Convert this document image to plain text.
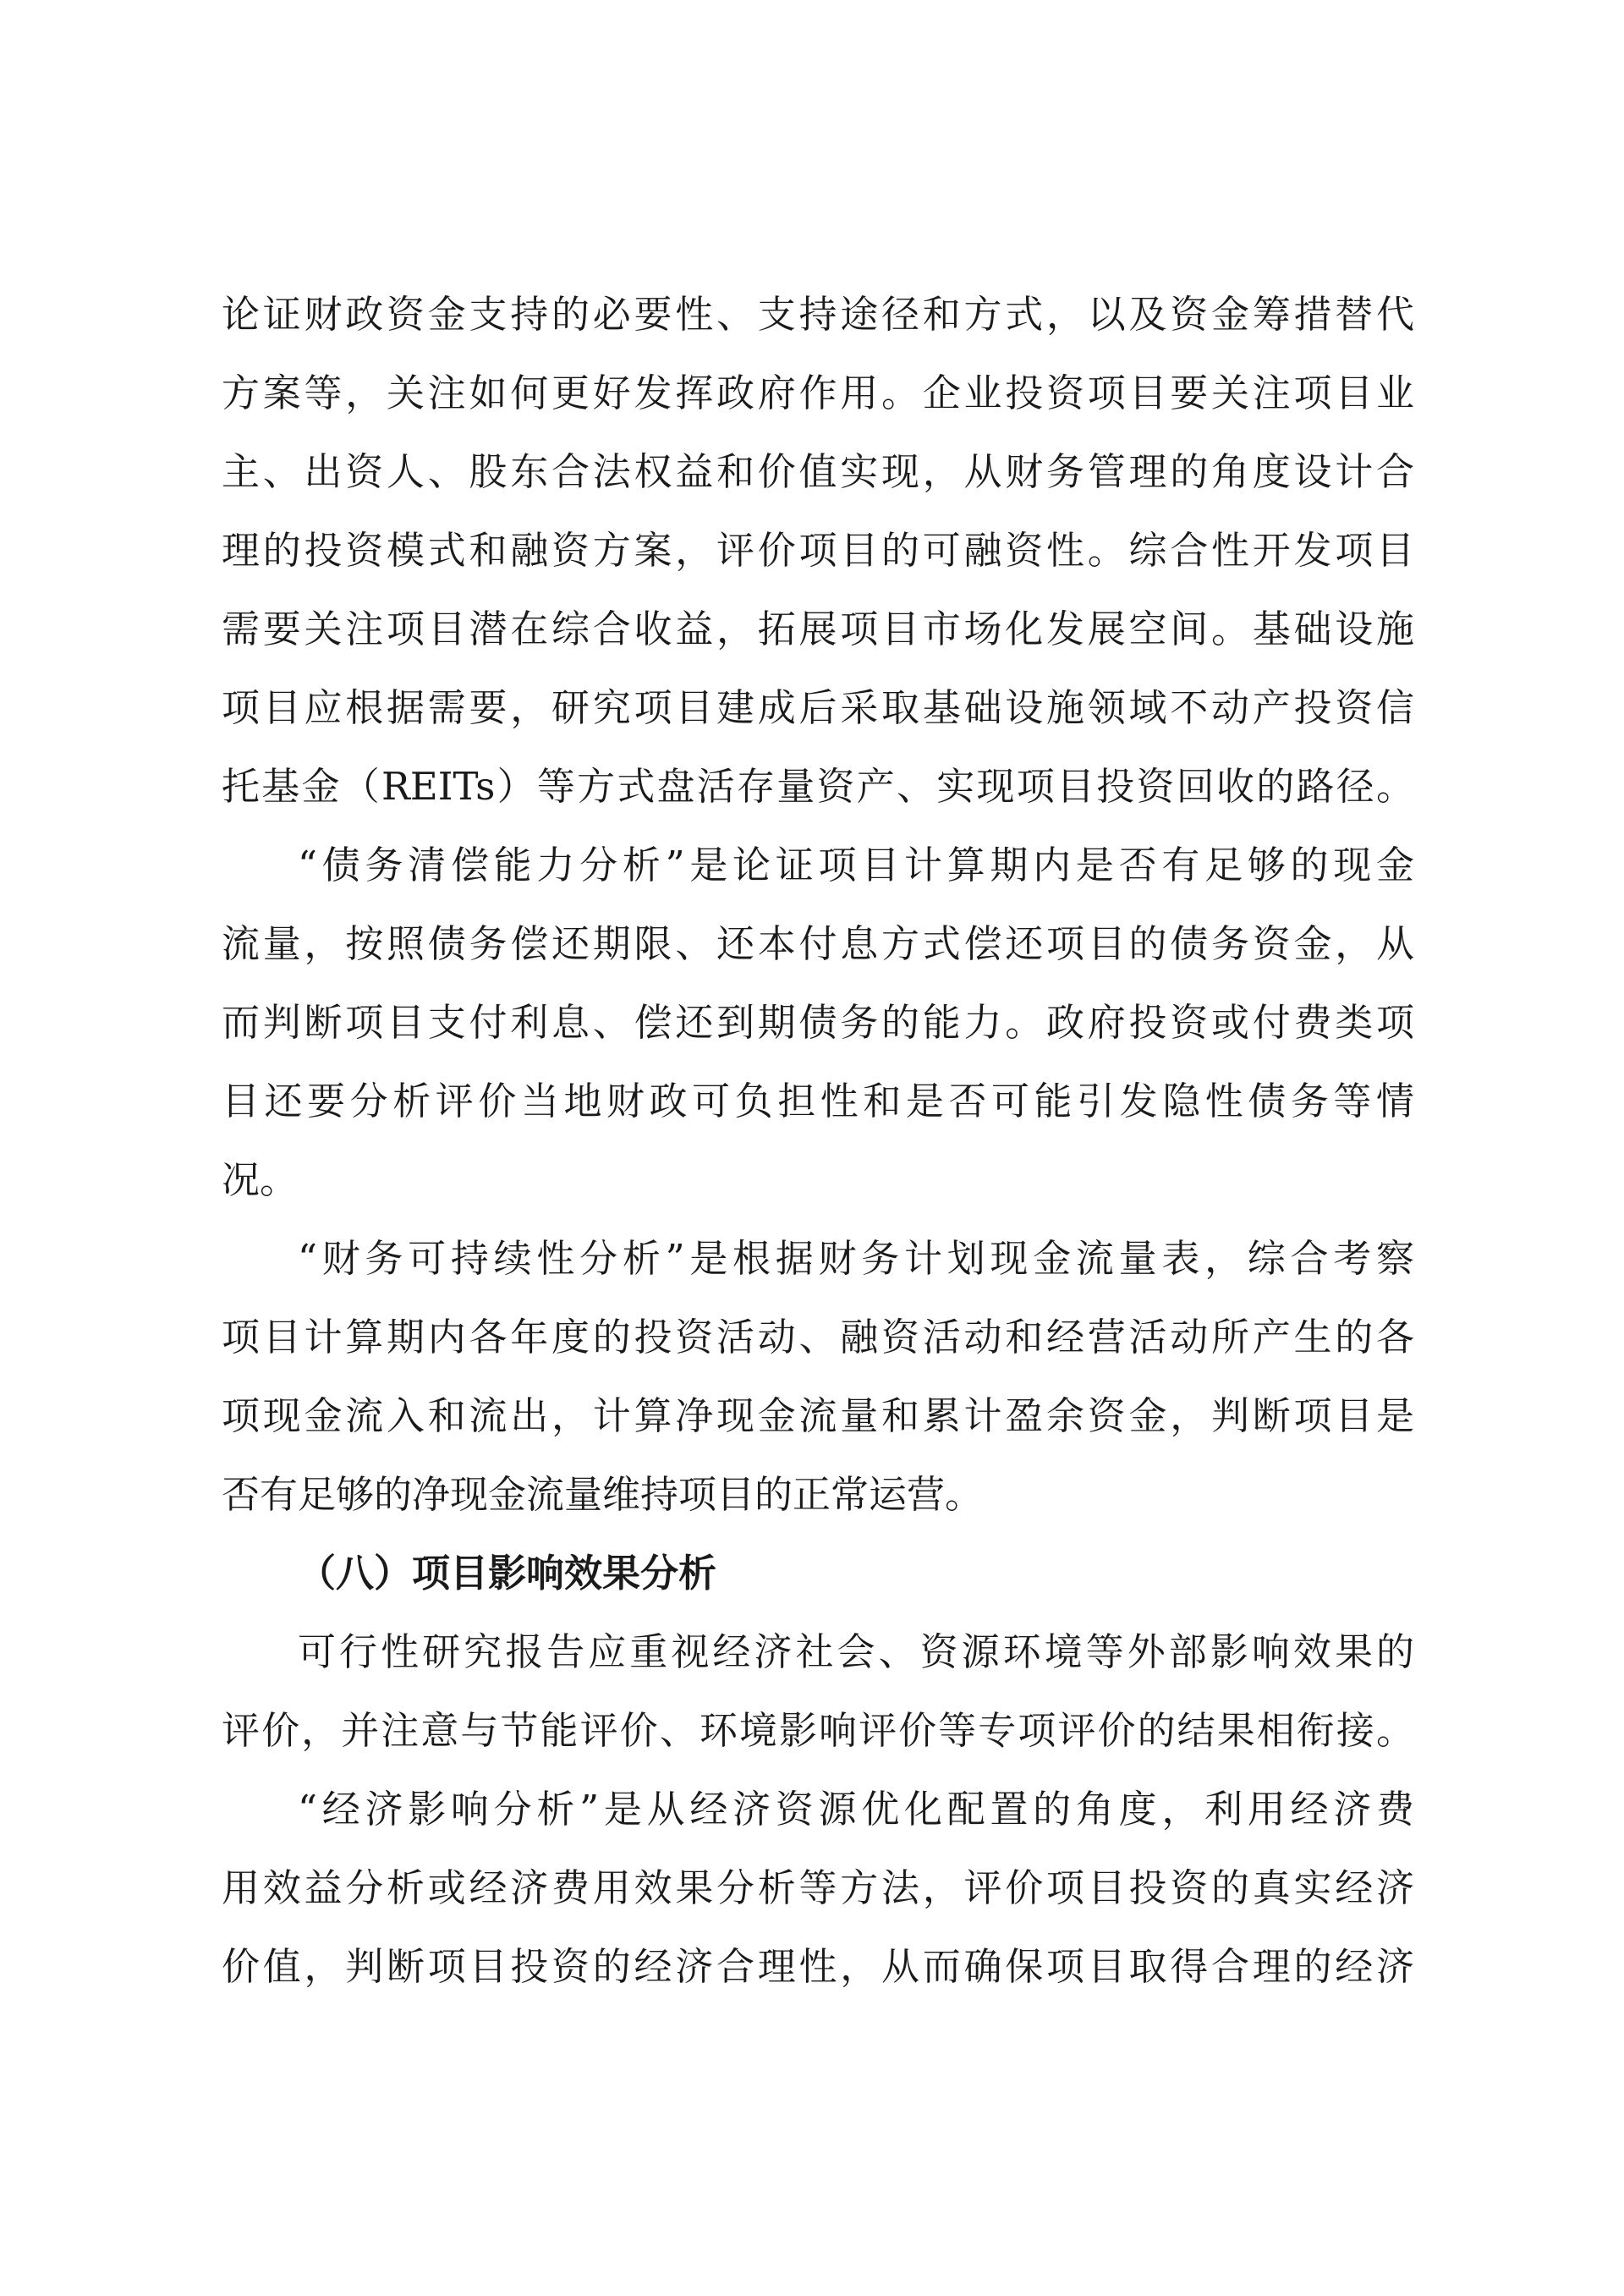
论证财政资金支持的必要性、支持途径和方式，以及资金筹措替代
方案等，关注如何更好发挥政府作用。企业投资项目要关注项目业
主、出资人、股东合法权益和价值实现，从财务管理的角度设计合
理的投资模式和融资方案，评价项目的可融资性。综合性开发项目
需要关注项目潜在综合收益，拓展项目市场化发展空间。基础设施
项目应根据需要，研究项目建成后采取基础设施领域不动产投资信
托基金（REITs）等方式盘活存量资产、实现项目投资回收的路径。
“债务清偿能力分析”是论证项目计算期内是否有足够的现金
流量，按照债务偿还期限、还本付息方式偿还项目的债务资金，从
而判断项目支付利息、偿还到期债务的能力。政府投资或付费类项
目还要分析评价当地财政可负担性和是否可能引发隐性债务等情
况。
“财务可持续性分析”是根据财务计划现金流量表，综合考察
项目计算期内各年度的投资活动、融资活动和经营活动所产生的各
项现金流入和流出，计算净现金流量和累计盈余资金，判断项目是
否有足够的净现金流量维持项目的正常运营。
（八）项目影响效果分析
可行性研究报告应重视经济社会、资源环境等外部影响效果的
评价，并注意与节能评价、环境影响评价等专项评价的结果相衔接。
“经济影响分析”是从经济资源优化配置的角度，利用经济费
用效益分析或经济费用效果分析等方法，评价项目投资的真实经济
价值，判断项目投资的经济合理性，从而确保项目取得合理的经济
